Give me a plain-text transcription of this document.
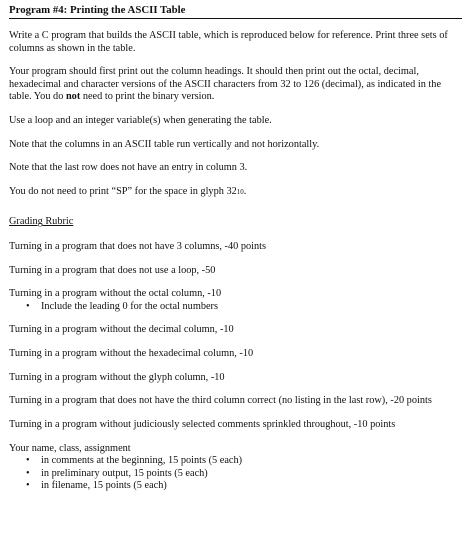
Program #4: Printing the ASCII Table

Write a C program that builds the ASCII table, which is reproduced below for reference. Print three sets of columns as shown in the table.

Your program should first print out the column headings. It should then print out the octal, decimal, hexadecimal and character versions of the ASCII characters from 32 to 126 (decimal), as indicated in the table. You do not need to print the binary version.

Use a loop and an integer variable(s) when generating the table.

Note that the columns in an ASCII table run vertically and not horizontally.

Note that the last row does not have an entry in column 3.

You do not need to print “SP” for the space in glyph 3210.

Grading Rubric

Turning in a program that does not have 3 columns, -40 points

Turning in a program that does not use a loop, -50

Turning in a program without the octal column, -10

• Include the leading 0 for the octal numbers

Turning in a program without the decimal column, -10

Turning in a program without the hexadecimal column, -10

Turning in a program without the glyph column, -10

Turning in a program that does not have the third column correct (no listing in the last row), -20 points

Turning in a program without judiciously selected comments sprinkled throughout, -10 points

Your name, class, assignment

• in comments at the beginning, 15 points (5 each)
• in preliminary output, 15 points (5 each)
• in filename, 15 points (5 each)
